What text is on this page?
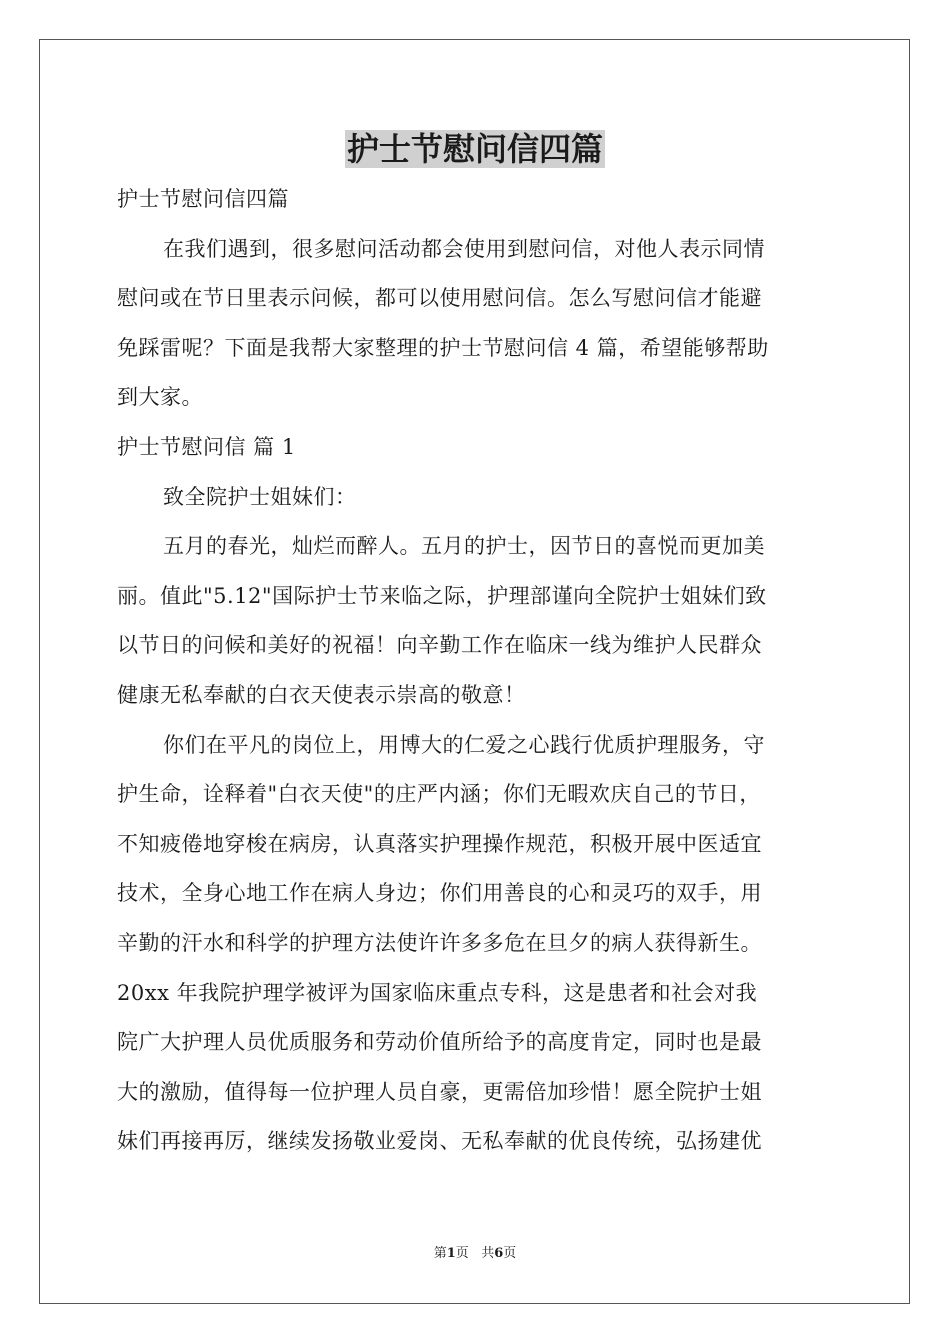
护士节慰问信四篇
护士节慰问信四篇
在我们遇到，很多慰问活动都会使用到慰问信，对他人表示同情
慰问或在节日里表示问候，都可以使用慰问信。怎么写慰问信才能避
免踩雷呢？下面是我帮大家整理的护士节慰问信 4 篇，希望能够帮助
到大家。
护士节慰问信 篇 1
致全院护士姐妹们：
五月的春光，灿烂而醉人。五月的护士，因节日的喜悦而更加美
丽。值此"5.12"国际护士节来临之际，护理部谨向全院护士姐妹们致
以节日的问候和美好的祝福！向辛勤工作在临床一线为维护人民群众
健康无私奉献的白衣天使表示崇高的敬意！
你们在平凡的岗位上，用博大的仁爱之心践行优质护理服务，守
护生命，诠释着"白衣天使"的庄严内涵；你们无暇欢庆自己的节日，
不知疲倦地穿梭在病房，认真落实护理操作规范，积极开展中医适宜
技术，全身心地工作在病人身边；你们用善良的心和灵巧的双手，用
辛勤的汗水和科学的护理方法使许许多多危在旦夕的病人获得新生。
20xx 年我院护理学被评为国家临床重点专科，这是患者和社会对我
院广大护理人员优质服务和劳动价值所给予的高度肯定，同时也是最
大的激励，值得每一位护理人员自豪，更需倍加珍惜！愿全院护士姐
妹们再接再厉，继续发扬敬业爱岗、无私奉献的优良传统，弘扬建优
第1页 共6页
